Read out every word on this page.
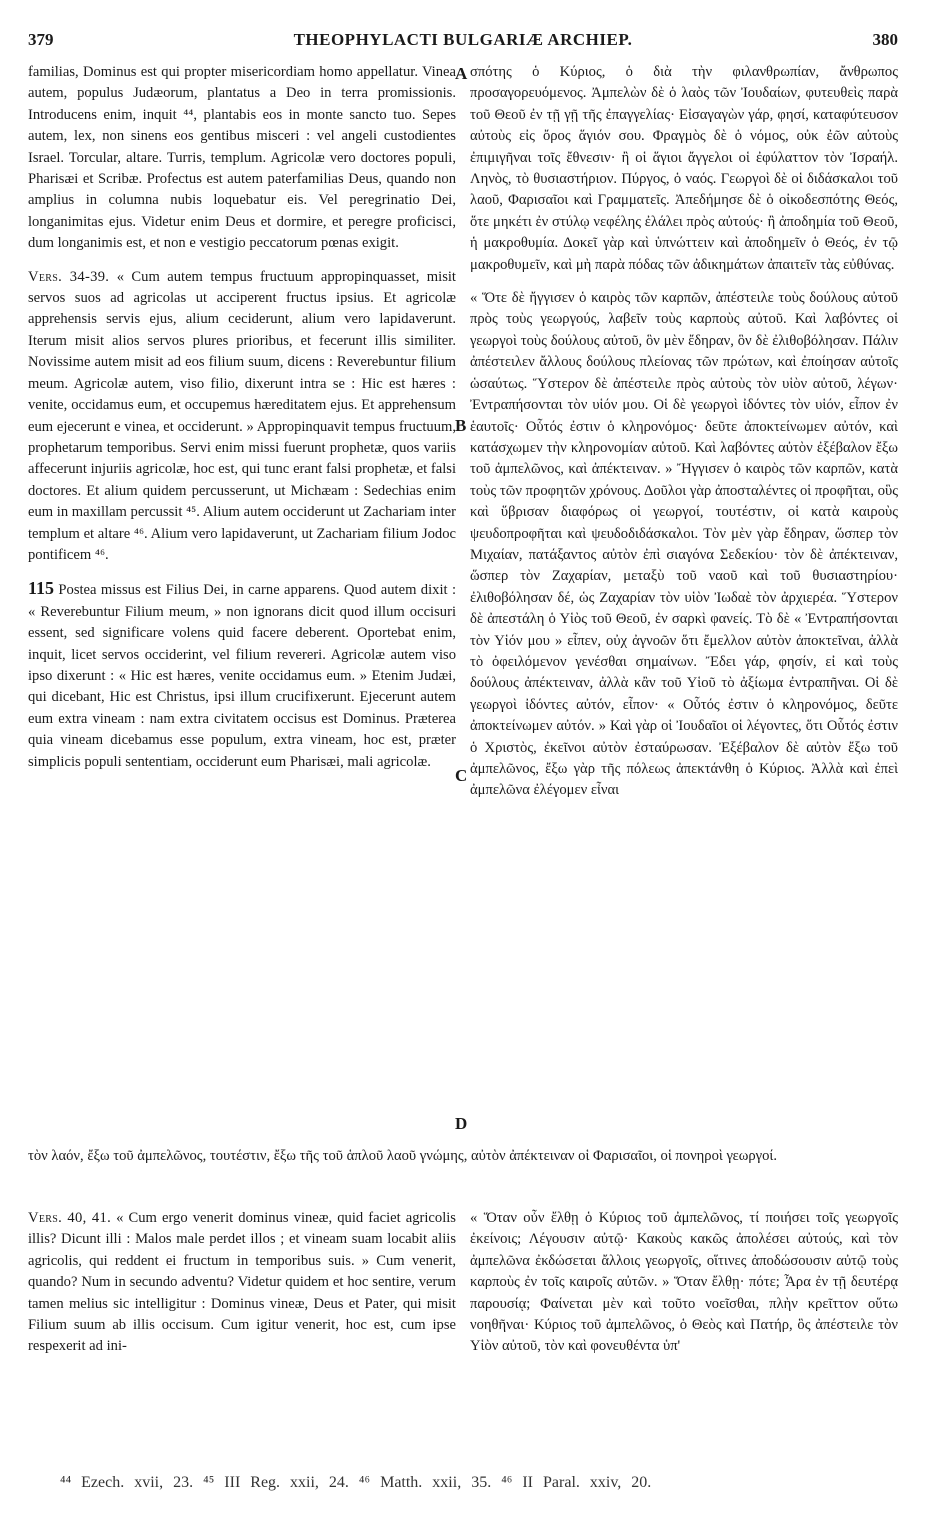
379	THEOPHYLACTI BULGARIÆ ARCHIEP.	380
A
B
C
D

familias, Dominus est qui propter misericordiam homo appellatur. Vinea autem, populus Judæorum, plantatus a Deo in terra promissionis. Introducens enim, inquit ⁴⁴, plantabis eos in monte sancto tuo. Sepes autem, lex, non sinens eos gentibus misceri : vel angeli custodientes Israel. Torcular, altare. Turris, templum. Agricolæ vero doctores populi, Pharisæi et Scribæ. Profectus est autem paterfamilias Deus, quando non amplius in columna nubis loquebatur eis. Vel peregrinatio Dei, longanimitas ejus. Videtur enim Deus et dormire, et peregre proficisci, dum longanimis est, et non e vestigio peccatorum pœnas exigit.

Vers. 34-39. « Cum autem tempus fructuum appropinquasset, misit servos suos ad agricolas ut acciperent fructus ipsius. Et agricolæ apprehensis servis ejus, alium ceciderunt, alium vero lapidaverunt. Iterum misit alios servos plures prioribus, et fecerunt illis similiter. Novissime autem misit ad eos filium suum, dicens : Reverebuntur filium meum. Agricolæ autem, viso filio, dixerunt intra se : Hic est hæres : venite, occidamus eum, et occupemus hæreditatem ejus. Et apprehensum eum ejecerunt e vinea, et occiderunt. » Appropinquavit tempus fructuum, prophetarum temporibus. Servi enim missi fuerunt prophetæ, quos variis affecerunt injuriis agricolæ, hoc est, qui tunc erant falsi prophetæ, et falsi doctores. Et alium quidem percusserunt, ut Michæam : Sedechias enim eum in maxillam percussit ⁴⁵. Alium autem occiderunt ut Zachariam inter templum et altare ⁴⁶. Alium vero lapidaverunt, ut Zachariam filium Jodoc pontificem ⁴⁶.

115 Postea missus est Filius Dei, in carne apparens. Quod autem dixit : « Reverebuntur Filium meum, » non ignorans dicit quod illum occisuri essent, sed significare volens quid facere deberent. Oportebat enim, inquit, licet servos occiderint, vel filium revereri. Agricolæ autem viso ipso dixerunt : « Hic est hæres, venite occidamus eum. » Etenim Judæi, qui dicebant, Hic est Christus, ipsi illum crucifixerunt. Ejecerunt autem eum extra vineam : nam extra civitatem occisus est Dominus. Præterea quia vineam dicebamus esse populum, extra vineam, hoc est, præter simplicis populi sententiam, occiderunt eum Pharisæi, mali agricolæ.

σπότης ὁ Κύριος, ὁ διὰ τὴν φιλανθρωπίαν, ἄνθρωπος προσαγορευόμενος. Ἀμπελὼν δὲ ὁ λαὸς τῶν Ἰουδαίων, φυτευθεὶς παρὰ τοῦ Θεοῦ ἐν τῇ γῇ τῆς ἐπαγγελίας· Εἰσαγαγὼν γάρ, φησί, καταφύτευσον αὐτοὺς εἰς ὄρος ἅγιόν σου. Φραγμὸς δὲ ὁ νόμος, οὐκ ἐῶν αὐτοὺς ἐπιμιγῆναι τοῖς ἔθνεσιν· ἢ οἱ ἅγιοι ἄγγελοι οἱ ἐφύλαττον τὸν Ἰσραήλ. Ληνὸς, τὸ θυσιαστήριον. Πύργος, ὁ ναός. Γεωργοὶ δὲ οἱ διδάσκαλοι τοῦ λαοῦ, Φαρισαῖοι καὶ Γραμματεῖς. Ἀπεδήμησε δὲ ὁ οἰκοδεσπότης Θεός, ὅτε μηκέτι ἐν στύλῳ νεφέλης ἐλάλει πρὸς αὐτούς· ἢ ἀποδημία τοῦ Θεοῦ, ἡ μακροθυμία. Δοκεῖ γὰρ καὶ ὑπνώττειν καὶ ἀποδημεῖν ὁ Θεός, ἐν τῷ μακροθυμεῖν, καὶ μὴ παρὰ πόδας τῶν ἀδικημάτων ἀπαιτεῖν τὰς εὐθύνας.

« Ὅτε δὲ ἤγγισεν ὁ καιρὸς τῶν καρπῶν, ἀπέστειλε τοὺς δούλους αὐτοῦ πρὸς τοὺς γεωργούς, λαβεῖν τοὺς καρποὺς αὐτοῦ. Καὶ λαβόντες οἱ γεωργοὶ τοὺς δούλους αὐτοῦ, ὃν μὲν ἔδηραν, ὃν δὲ ἐλιθοβόλησαν. Πάλιν ἀπέστειλεν ἄλλους δούλους πλείονας τῶν πρώτων, καὶ ἐποίησαν αὐτοῖς ὡσαύτως. Ὕστερον δὲ ἀπέστειλε πρὸς αὐτοὺς τὸν υἱὸν αὐτοῦ, λέγων· Ἐντραπήσονται τὸν υἱόν μου. Οἱ δὲ γεωργοὶ ἰδόντες τὸν υἱόν, εἶπον ἐν ἑαυτοῖς· Οὗτός ἐστιν ὁ κληρονόμος· δεῦτε ἀποκτείνωμεν αὐτόν, καὶ κατάσχωμεν τὴν κληρονομίαν αὐτοῦ. Καὶ λαβόντες αὐτὸν ἐξέβαλον ἔξω τοῦ ἀμπελῶνος, καὶ ἀπέκτειναν. » Ἤγγισεν ὁ καιρὸς τῶν καρπῶν, κατὰ τοὺς τῶν προφητῶν χρόνους. Δοῦλοι γὰρ ἀποσταλέντες οἱ προφῆται, οὓς καὶ ὕβρισαν διαφόρως οἱ γεωργοί, τουτέστιν, οἱ κατὰ καιροὺς ψευδοπροφῆται καὶ ψευδοδιδάσκαλοι. Τὸν μὲν γὰρ ἔδηραν, ὥσπερ τὸν Μιχαίαν, πατάξαντος αὐτὸν ἐπὶ σιαγόνα Σεδεκίου· τὸν δὲ ἀπέκτειναν, ὥσπερ τὸν Ζαχαρίαν, μεταξὺ τοῦ ναοῦ καὶ τοῦ θυσιαστηρίου· ἐλιθοβόλησαν δέ, ὡς Ζαχαρίαν τὸν υἱὸν Ἰωδαὲ τὸν ἀρχιερέα. Ὕστερον δὲ ἀπεστάλη ὁ Υἱὸς τοῦ Θεοῦ, ἐν σαρκὶ φανείς. Τὸ δὲ « Ἐντραπήσονται τὸν Υἱόν μου » εἶπεν, οὐχ ἀγνοῶν ὅτι ἔμελλον αὐτὸν ἀποκτεῖναι, ἀλλὰ τὸ ὀφειλόμενον γενέσθαι σημαίνων. Ἔδει γάρ, φησίν, εἰ καὶ τοὺς δούλους ἀπέκτειναν, ἀλλὰ κἂν τοῦ Υἱοῦ τὸ ἀξίωμα ἐντραπῆναι. Οἱ δὲ γεωργοὶ ἰδόντες αὐτόν, εἶπον· « Οὗτός ἐστιν ὁ κληρονόμος, δεῦτε ἀποκτείνωμεν αὐτόν. » Καὶ γὰρ οἱ Ἰουδαῖοι οἱ λέγοντες, ὅτι Οὗτός ἐστιν ὁ Χριστὸς, ἐκεῖνοι αὐτὸν ἐσταύρωσαν. Ἐξέβαλον δὲ αὐτὸν ἔξω τοῦ ἀμπελῶνος, ἔξω γὰρ τῆς πόλεως ἀπεκτάνθη ὁ Κύριος. Ἀλλὰ καὶ ἐπεὶ ἀμπελῶνα ἐλέγομεν εἶναι

τὸν λαόν, ἔξω τοῦ ἀμπελῶνος, τουτέστιν, ἔξω τῆς τοῦ ἁπλοῦ λαοῦ γνώμης, αὐτὸν ἀπέκτειναν οἱ Φαρισαῖοι, οἱ πονηροὶ γεωργοί.
Vers. 40, 41. « Cum ergo venerit dominus vineæ, quid faciet agricolis illis? Dicunt illi : Malos male perdet illos ; et vineam suam locabit aliis agricolis, qui reddent ei fructum in temporibus suis. » Cum venerit, quando? Num in secundo adventu? Videtur quidem et hoc sentire, verum tamen melius sic intelligitur : Dominus vineæ, Deus et Pater, qui misit Filium suum ab illis occisum. Cum igitur venerit, hoc est, cum ipse respexerit ad ini-
« Ὅταν οὖν ἔλθῃ ὁ Κύριος τοῦ ἀμπελῶνος, τί ποιήσει τοῖς γεωργοῖς ἐκείνοις; Λέγουσιν αὐτῷ· Κακοὺς κακῶς ἀπολέσει αὐτούς, καὶ τὸν ἀμπελῶνα ἐκδώσεται ἄλλοις γεωργοῖς, οἵτινες ἀποδώσουσιν αὐτῷ τοὺς καρποὺς ἐν τοῖς καιροῖς αὐτῶν. » Ὅταν ἔλθῃ· πότε; Ἆρα ἐν τῇ δευτέρᾳ παρουσίᾳ; Φαίνεται μὲν καὶ τοῦτο νοεῖσθαι, πλὴν κρεῖττον οὕτω νοηθῆναι· Κύριος τοῦ ἀμπελῶνος, ὁ Θεὸς καὶ Πατήρ, ὃς ἀπέστειλε τὸν Υἱὸν αὐτοῦ, τὸν καὶ φονευθέντα ὑπ'
⁴⁴ Ezech. xvii, 23. ⁴⁵ III Reg. xxii, 24. ⁴⁶ Matth. xxii, 35. ⁴⁶ II Paral. xxiv, 20.
